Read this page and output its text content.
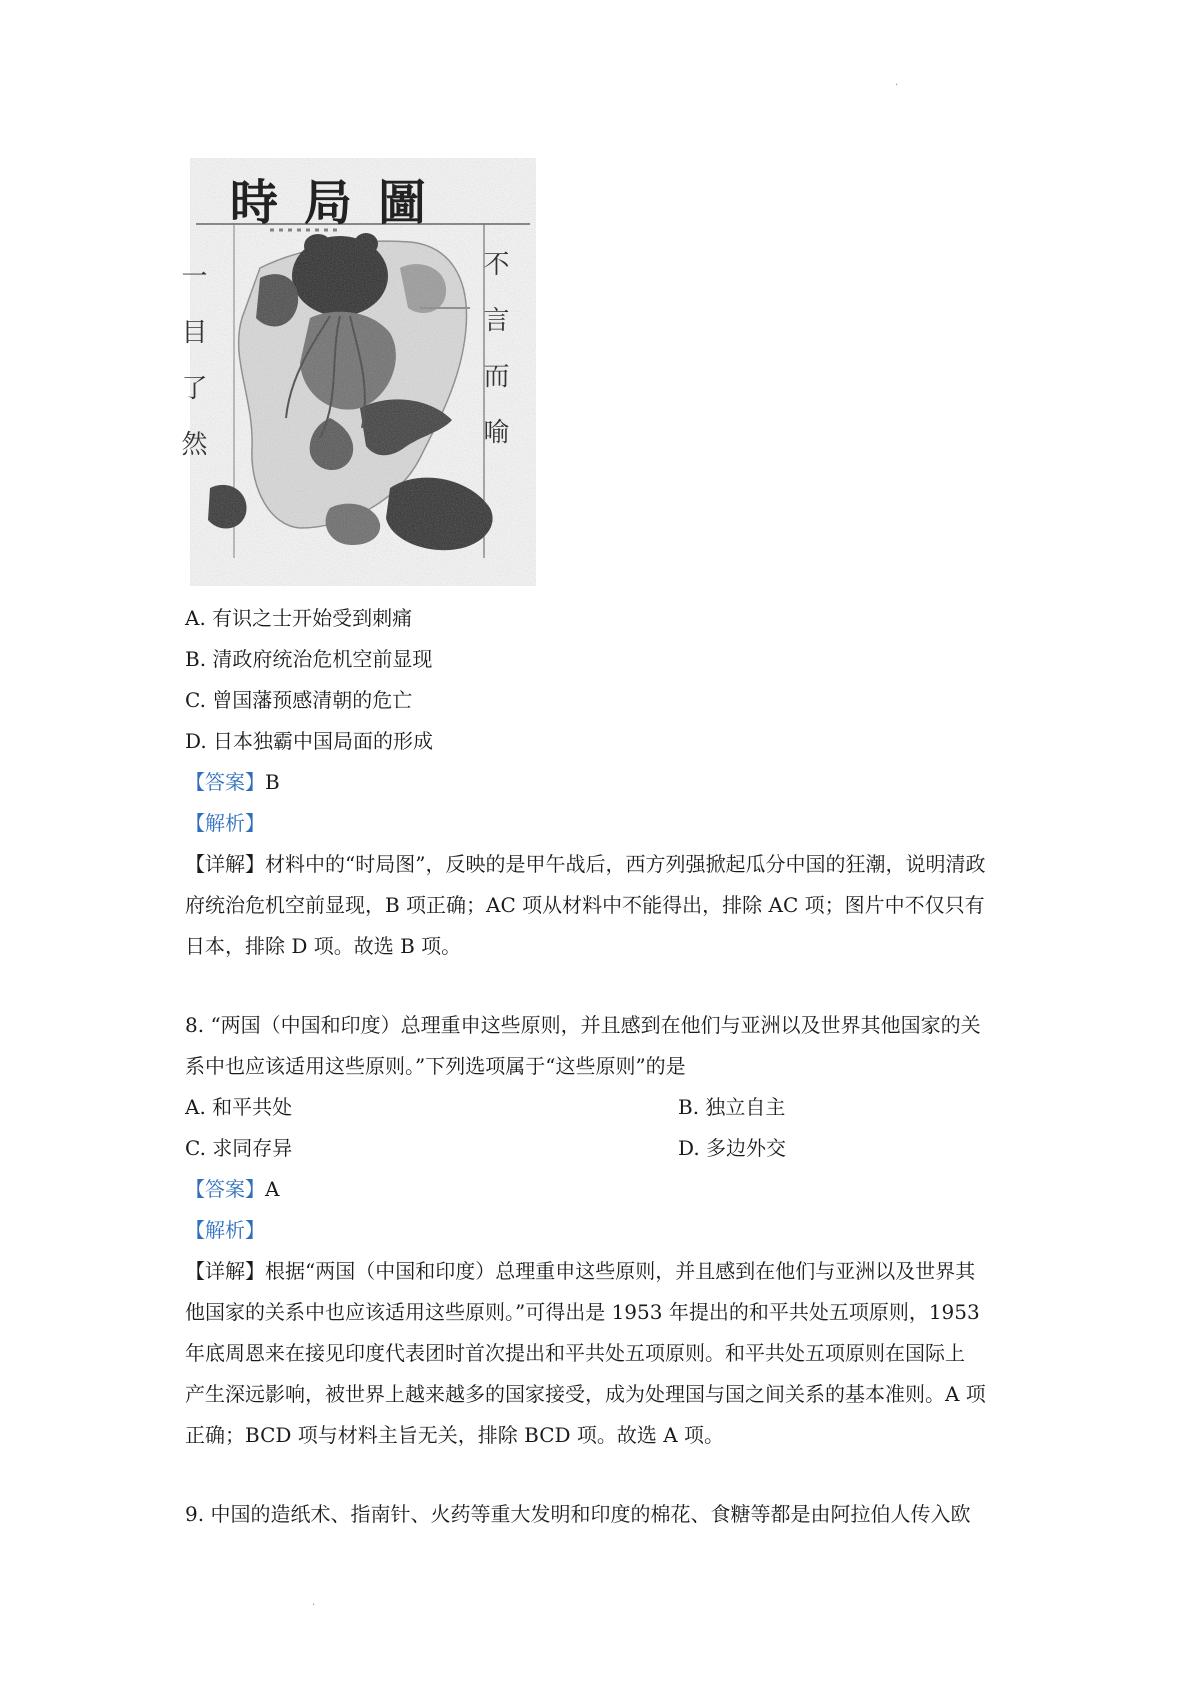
·
·
時局圖
不言而喻
一目了然
A. 有识之士开始受到刺痛
B. 清政府统治危机空前显现
C. 曾国藩预感清朝的危亡
D. 日本独霸中国局面的形成
【答案】B
【解析】
【详解】材料中的“时局图”，反映的是甲午战后，西方列强掀起瓜分中国的狂潮，说明清政
府统治危机空前显现，B 项正确；AC 项从材料中不能得出，排除 AC 项；图片中不仅只有
日本，排除 D 项。故选 B 项。
8. “两国（中国和印度）总理重申这些原则，并且感到在他们与亚洲以及世界其他国家的关
系中也应该适用这些原则。”下列选项属于“这些原则”的是
A. 和平共处	B. 独立自主
C. 求同存异	D. 多边外交
【答案】A
【解析】
【详解】根据“两国（中国和印度）总理重申这些原则，并且感到在他们与亚洲以及世界其
他国家的关系中也应该适用这些原则。”可得出是 1953 年提出的和平共处五项原则，1953
年底周恩来在接见印度代表团时首次提出和平共处五项原则。和平共处五项原则在国际上
产生深远影响，被世界上越来越多的国家接受，成为处理国与国之间关系的基本准则。A 项
正确；BCD 项与材料主旨无关，排除 BCD 项。故选 A 项。
9. 中国的造纸术、指南针、火药等重大发明和印度的棉花、食糖等都是由阿拉伯人传入欧
